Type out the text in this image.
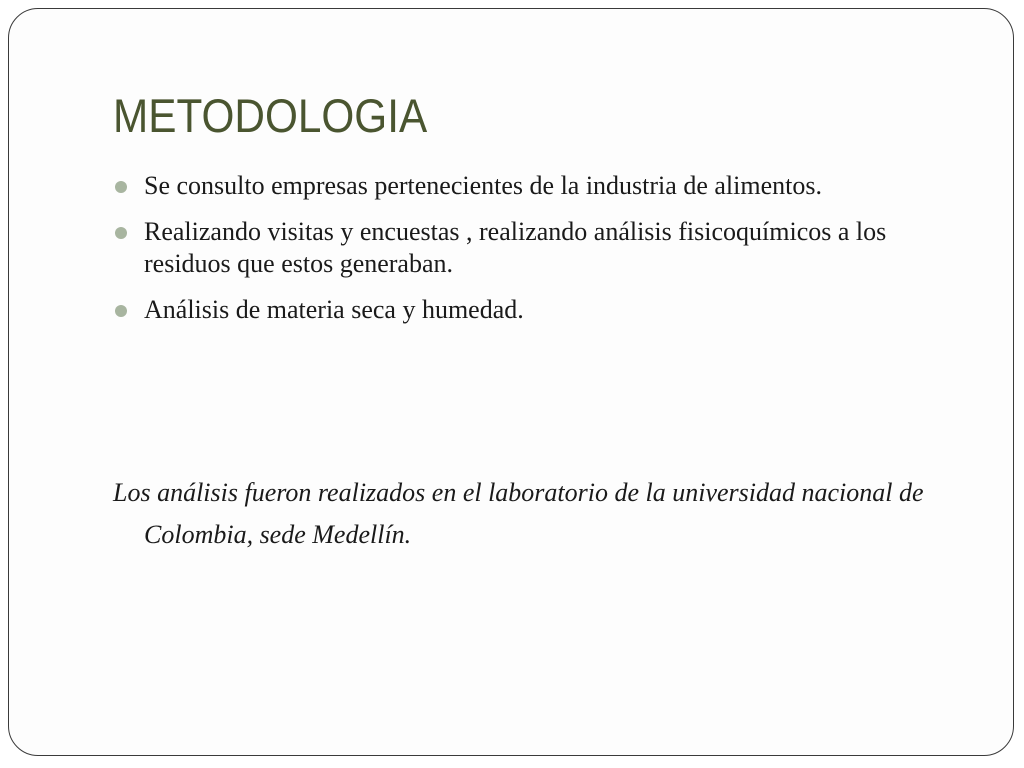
METODOLOGIA
Se consulto empresas pertenecientes de la industria de alimentos.
Realizando visitas y encuestas , realizando análisis fisicoquímicos a los residuos que estos generaban.
Análisis de materia seca y humedad.

Los análisis fueron realizados en el laboratorio de la universidad nacional de Colombia, sede Medellín.
